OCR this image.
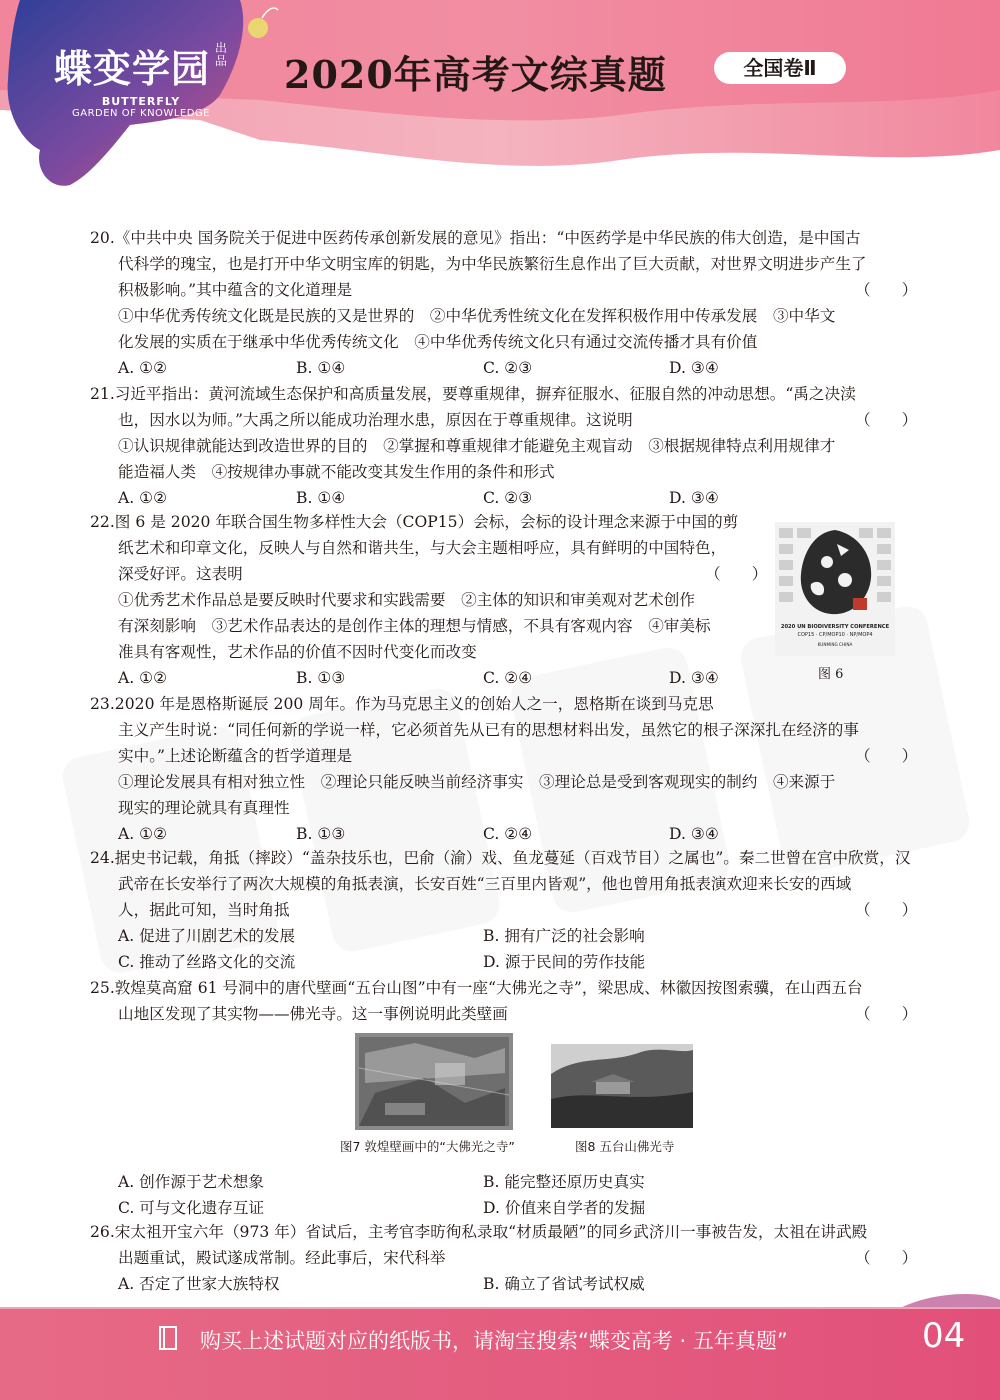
蝶变学园 出品
BUTTERFLY
GARDEN OF KNOWLEDGE
2020年高考文综真题	全国卷Ⅱ
20.《中共中央 国务院关于促进中医药传承创新发展的意见》指出：“中医药学是中华民族的伟大创造，是中国古
代科学的瑰宝，也是打开中华文明宝库的钥匙，为中华民族繁衍生息作出了巨大贡献，对世界文明进步产生了
积极影响。”其中蕴含的文化道理是	（　　）
①中华优秀传统文化既是民族的又是世界的　②中华优秀性统文化在发挥积极作用中传承发展　③中华文
化发展的实质在于继承中华优秀传统文化　④中华优秀传统文化只有通过交流传播才具有价值
A. ①②	B. ①④	C. ②③	D. ③④
21.习近平指出：黄河流域生态保护和高质量发展，要尊重规律，摒弃征服水、征服自然的冲动思想。“禹之决渎
也，因水以为师。”大禹之所以能成功治理水患，原因在于尊重规律。这说明	（　　）
①认识规律就能达到改造世界的目的　②掌握和尊重规律才能避免主观盲动　③根据规律特点利用规律才
能造福人类　④按规律办事就不能改变其发生作用的条件和形式
A. ①②	B. ①④	C. ②③	D. ③④
22.图 6 是 2020 年联合国生物多样性大会（COP15）会标，会标的设计理念来源于中国的剪
纸艺术和印章文化，反映人与自然和谐共生，与大会主题相呼应，具有鲜明的中国特色，
深受好评。这表明	（　　）
①优秀艺术作品总是要反映时代要求和实践需要　②主体的知识和审美观对艺术创作
有深刻影响　③艺术作品表达的是创作主体的理想与情感，不具有客观内容　④审美标
准具有客观性，艺术作品的价值不因时代变化而改变
A. ①②	B. ①③	C. ②④	D. ③④
23.2020 年是恩格斯诞辰 200 周年。作为马克思主义的创始人之一，恩格斯在谈到马克思
主义产生时说：“同任何新的学说一样，它必须首先从已有的思想材料出发，虽然它的根子深深扎在经济的事
实中。”上述论断蕴含的哲学道理是	（　　）
①理论发展具有相对独立性　②理论只能反映当前经济事实　③理论总是受到客观现实的制约　④来源于
现实的理论就具有真理性
A. ①②	B. ①③	C. ②④	D. ③④
24.据史书记载，角抵（摔跤）“盖杂技乐也，巴俞（渝）戏、鱼龙蔓延（百戏节目）之属也”。秦二世曾在宫中欣赏，汉
武帝在长安举行了两次大规模的角抵表演，长安百姓“三百里内皆观”，他也曾用角抵表演欢迎来长安的西域
人，据此可知，当时角抵	（　　）
A. 促进了川剧艺术的发展	B. 拥有广泛的社会影响
C. 推动了丝路文化的交流	D. 源于民间的劳作技能
25.敦煌莫高窟 61 号洞中的唐代壁画“五台山图”中有一座“大佛光之寺”，梁思成、林徽因按图索骥，在山西五台
山地区发现了其实物——佛光寺。这一事例说明此类壁画	（　　）
图7 敦煌壁画中的“大佛光之寺”	图8 五台山佛光寺
A. 创作源于艺术想象	B. 能完整还原历史真实
C. 可与文化遗存互证	D. 价值来自学者的发掘
26.宋太祖开宝六年（973 年）省试后，主考官李昉徇私录取“材质最陋”的同乡武济川一事被告发，太祖在讲武殿
出题重试，殿试遂成常制。经此事后，宋代科举	（　　）
A. 否定了世家大族特权	B. 确立了省试考试权威
2020 UN BIODIVERSITY CONFERENCE
COP15 · CP/MOP10 · NP/MOP4
KUNMING CHINA
图 6
购买上述试题对应的纸版书，请淘宝搜索“蝶变高考 · 五年真题”	04
